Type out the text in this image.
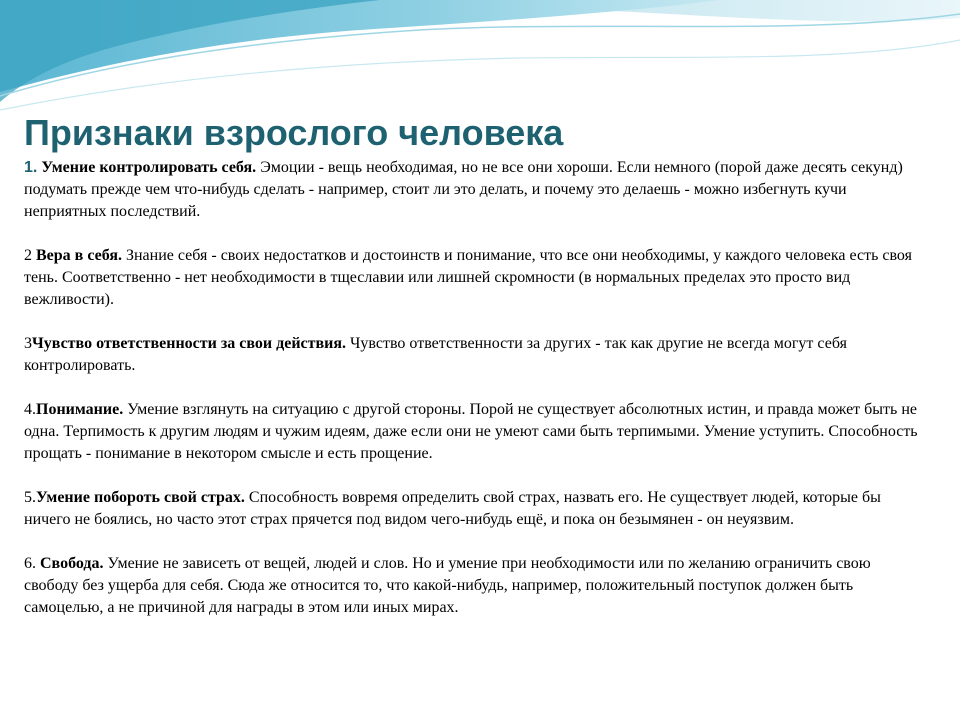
Признаки взрослого человека

1. Умение контролировать себя. Эмоции - вещь необходимая, но не все они хороши. Если немного (порой даже десять секунд) подумать прежде чем что-нибудь сделать - например, стоит ли это делать, и почему это делаешь - можно избегнуть кучи неприятных последствий.

2 Вера в себя. Знание себя - своих недостатков и достоинств и понимание, что все они необходимы, у каждого человека есть своя тень. Соответственно - нет необходимости в тщеславии или лишней скромности (в нормальных пределах это просто вид вежливости).

3Чувство ответственности за свои действия. Чувство ответственности за других - так как другие не всегда могут себя контролировать.

4.Понимание. Умение взглянуть на ситуацию с другой стороны. Порой не существует абсолютных истин, и правда может быть не одна. Терпимость к другим людям и чужим идеям, даже если они не умеют сами быть терпимыми. Умение уступить. Способность прощать - понимание в некотором смысле и есть прощение.

5.Умение побороть свой страх. Способность вовремя определить свой страх, назвать его. Не существует людей, которые бы ничего не боялись, но часто этот страх прячется под видом чего-нибудь ещё, и пока он безымянен - он неуязвим.

6. Свобода. Умение не зависеть от вещей, людей и слов. Но и умение при необходимости или по желанию ограничить свою свободу без ущерба для себя. Сюда же относится то, что какой-нибудь, например, положительный поступок должен быть самоцелью, а не причиной для награды в этом или иных мирах.
